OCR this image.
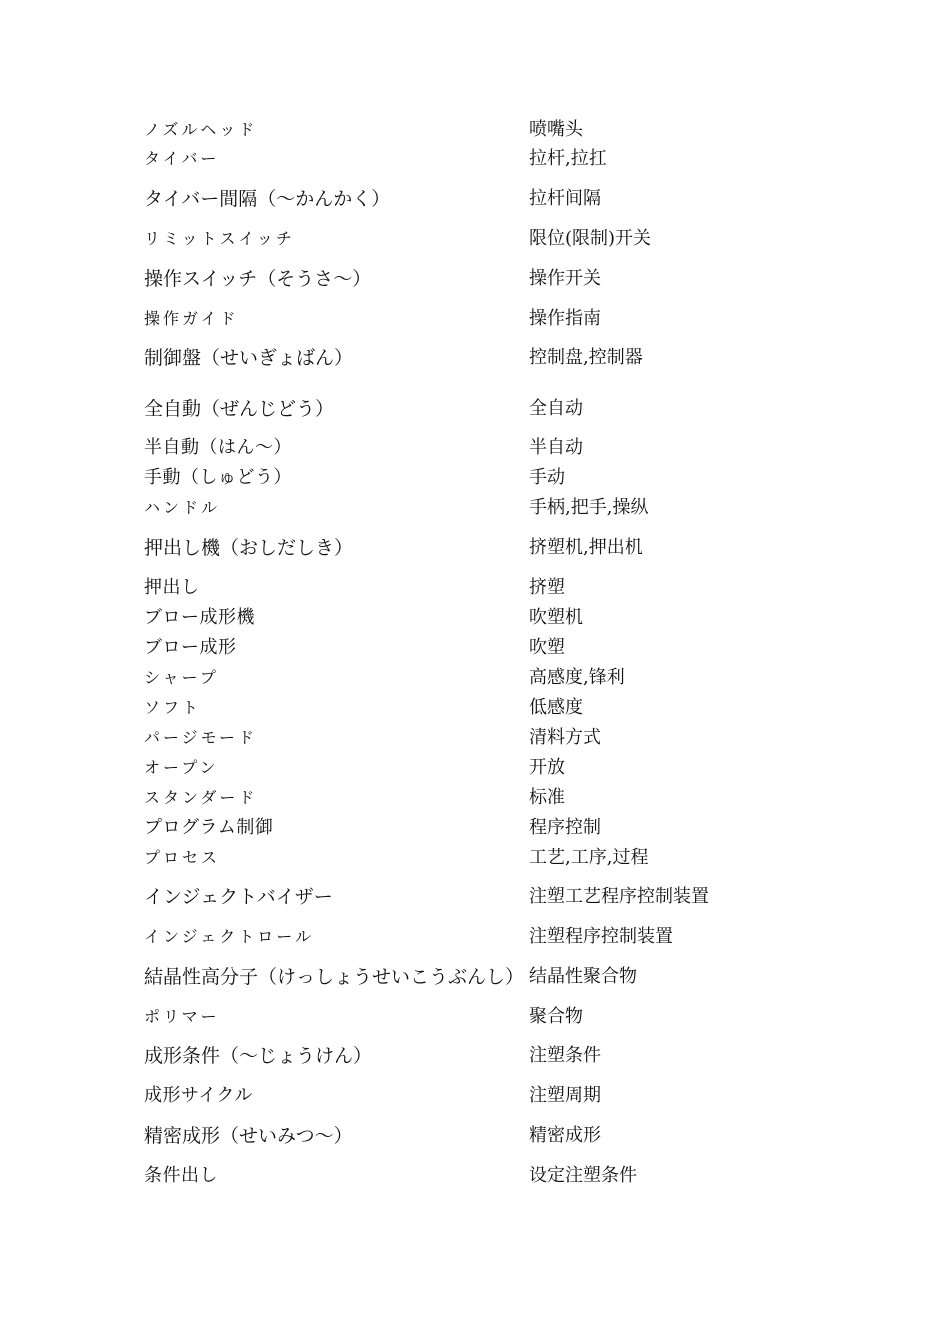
ノズルヘッド	喷嘴头
タイバー	拉杆,拉扛
タイバー間隔（～かんかく）	拉杆间隔
リミットスイッチ	限位(限制)开关
操作スイッチ（そうさ～）	操作开关
操作ガイド	操作指南
制御盤（せいぎょばん）	控制盘,控制器
全自動（ぜんじどう）	全自动
半自動（はん～）	半自动
手動（しゅどう）	手动
ハンドル	手柄,把手,操纵
押出し機（おしだしき）	挤塑机,押出机
押出し	挤塑
ブロー成形機	吹塑机
ブロー成形	吹塑
シャープ	高感度,锋利
ソフト	低感度
パージモード	清料方式
オープン	开放
スタンダード	标准
プログラム制御	程序控制
プロセス	工艺,工序,过程
インジェクトバイザー	注塑工艺程序控制装置
インジェクトロール	注塑程序控制装置
結晶性高分子（けっしょうせいこうぶんし） 结晶性聚合物
ポリマー	聚合物
成形条件（～じょうけん）	注塑条件
成形サイクル	注塑周期
精密成形（せいみつ～）	精密成形
条件出し	设定注塑条件
